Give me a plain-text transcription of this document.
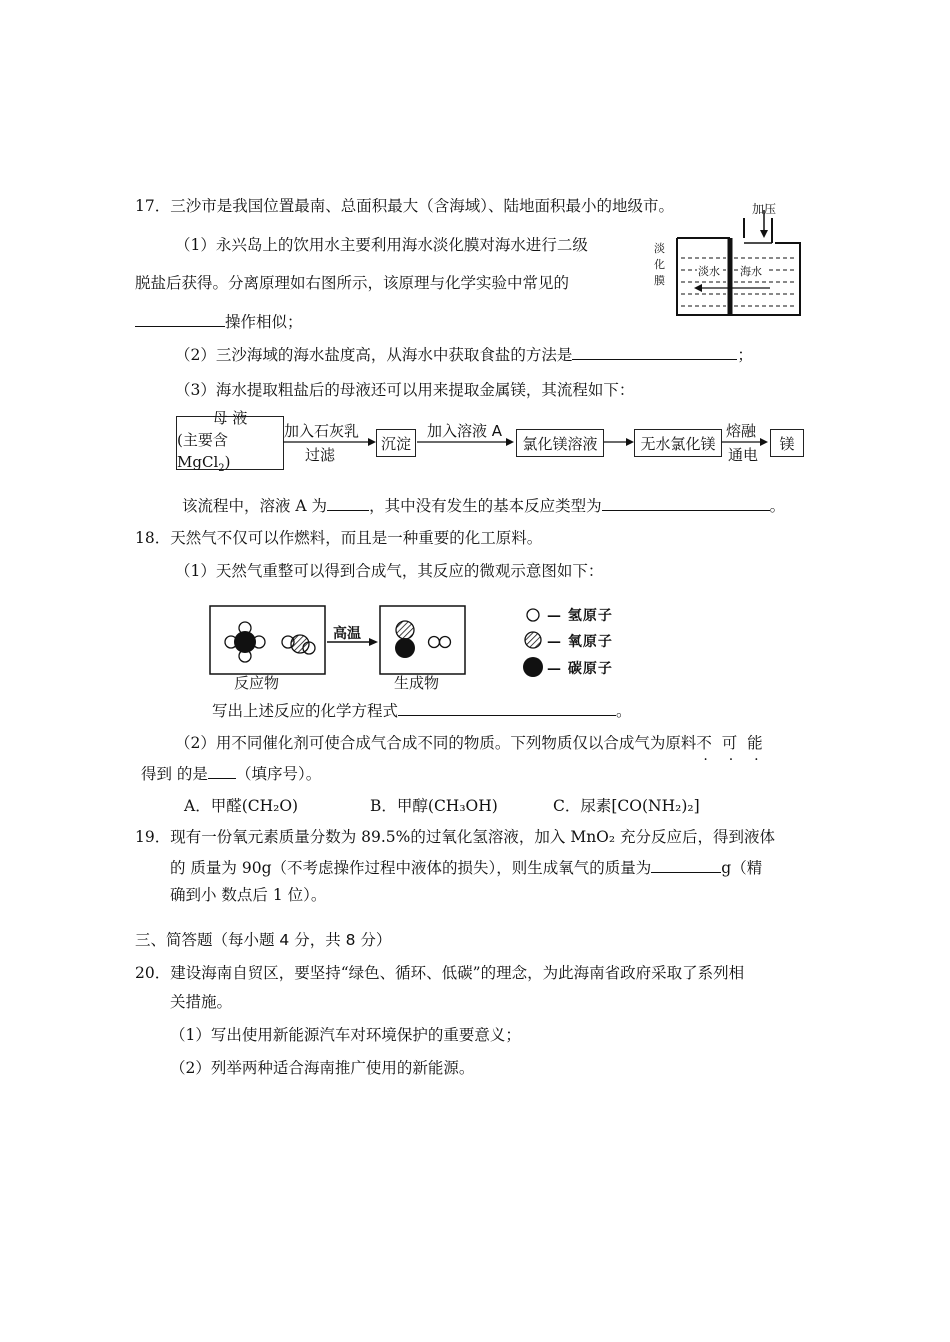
17．三沙市是我国位置最南、总面积最大（含海域）、陆地面积最小的地级市。
（1）永兴岛上的饮用水主要利用海水淡化膜对海水进行二级
脱盐后获得。分离原理如右图所示，该原理与化学实验中常见的
操作相似；
加压
淡
化
膜
淡水 海水
（2）三沙海域的海水盐度高，从海水中获取食盐的方法是	；
（3）海水提取粗盐后的母液还可以用来提取金属镁，其流程如下：
母 液
(主要含 MgCl$_2$)
加入石灰乳
过滤
沉淀
加入溶液 A
氯化镁溶液	无水氯化镁
熔融
通电
镁
该流程中，溶液 A 为	，其中没有发生的基本反应类型为	。
18．天然气不仅可以作燃料，而且是一种重要的化工原料。
（1）天然气重整可以得到合成气，其反应的微观示意图如下：
高温
反应物	生成物
— 氢原子
— 氧原子
— 碳原子
写出上述反应的化学方程式	。
（2）用不同催化剂可使合成气合成不同的物质。下列物质仅以合成气为原料不 可 能
得到 的是 （填序号）。
A．甲醛(CH₂O)	B．甲醇(CH₃OH)	C．尿素[CO(NH₂)₂]
19．现有一份氧元素质量分数为 89.5%的过氧化氢溶液，加入 MnO₂ 充分反应后，得到液体
的 质量为 90g（不考虑操作过程中液体的损失），则生成氧气的质量为	g（精
确到小 数点后 1 位）。
三、简答题（每小题 4 分，共 8 分）
20．建设海南自贸区，要坚持“绿色、循环、低碳”的理念，为此海南省政府采取了系列相
关措施。
（1）写出使用新能源汽车对环境保护的重要意义；
（2）列举两种适合海南推广使用的新能源。
